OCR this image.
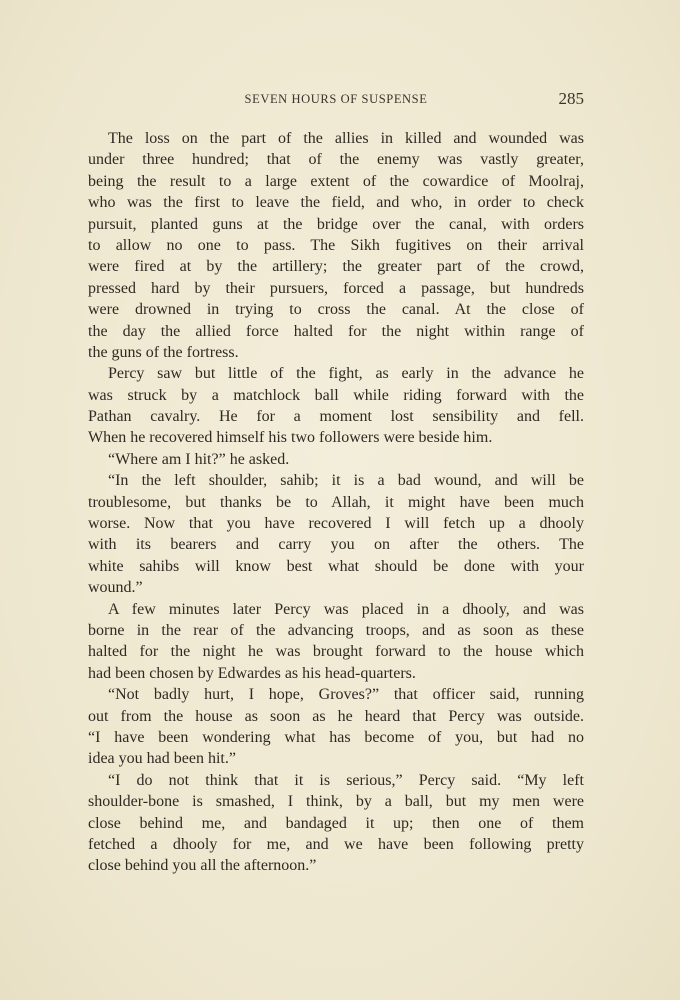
SEVEN HOURS OF SUSPENSE	285
The loss on the part of the allies in killed and wounded was
under three hundred; that of the enemy was vastly greater,
being the result to a large extent of the cowardice of Moolraj,
who was the first to leave the field, and who, in order to check
pursuit, planted guns at the bridge over the canal, with orders
to allow no one to pass. The Sikh fugitives on their arrival
were fired at by the artillery; the greater part of the crowd,
pressed hard by their pursuers, forced a passage, but hundreds
were drowned in trying to cross the canal. At the close of
the day the allied force halted for the night within range of
the guns of the fortress.
Percy saw but little of the fight, as early in the advance he
was struck by a matchlock ball while riding forward with the
Pathan cavalry. He for a moment lost sensibility and fell.
When he recovered himself his two followers were beside him.
“Where am I hit?” he asked.
“In the left shoulder, sahib; it is a bad wound, and will be
troublesome, but thanks be to Allah, it might have been much
worse. Now that you have recovered I will fetch up a dhooly
with its bearers and carry you on after the others. The
white sahibs will know best what should be done with your
wound.”
A few minutes later Percy was placed in a dhooly, and was
borne in the rear of the advancing troops, and as soon as these
halted for the night he was brought forward to the house which
had been chosen by Edwardes as his head-quarters.
“Not badly hurt, I hope, Groves?” that officer said, running
out from the house as soon as he heard that Percy was outside.
“I have been wondering what has become of you, but had no
idea you had been hit.”
“I do not think that it is serious,” Percy said. “My left
shoulder-bone is smashed, I think, by a ball, but my men were
close behind me, and bandaged it up; then one of them
fetched a dhooly for me, and we have been following pretty
close behind you all the afternoon.”
